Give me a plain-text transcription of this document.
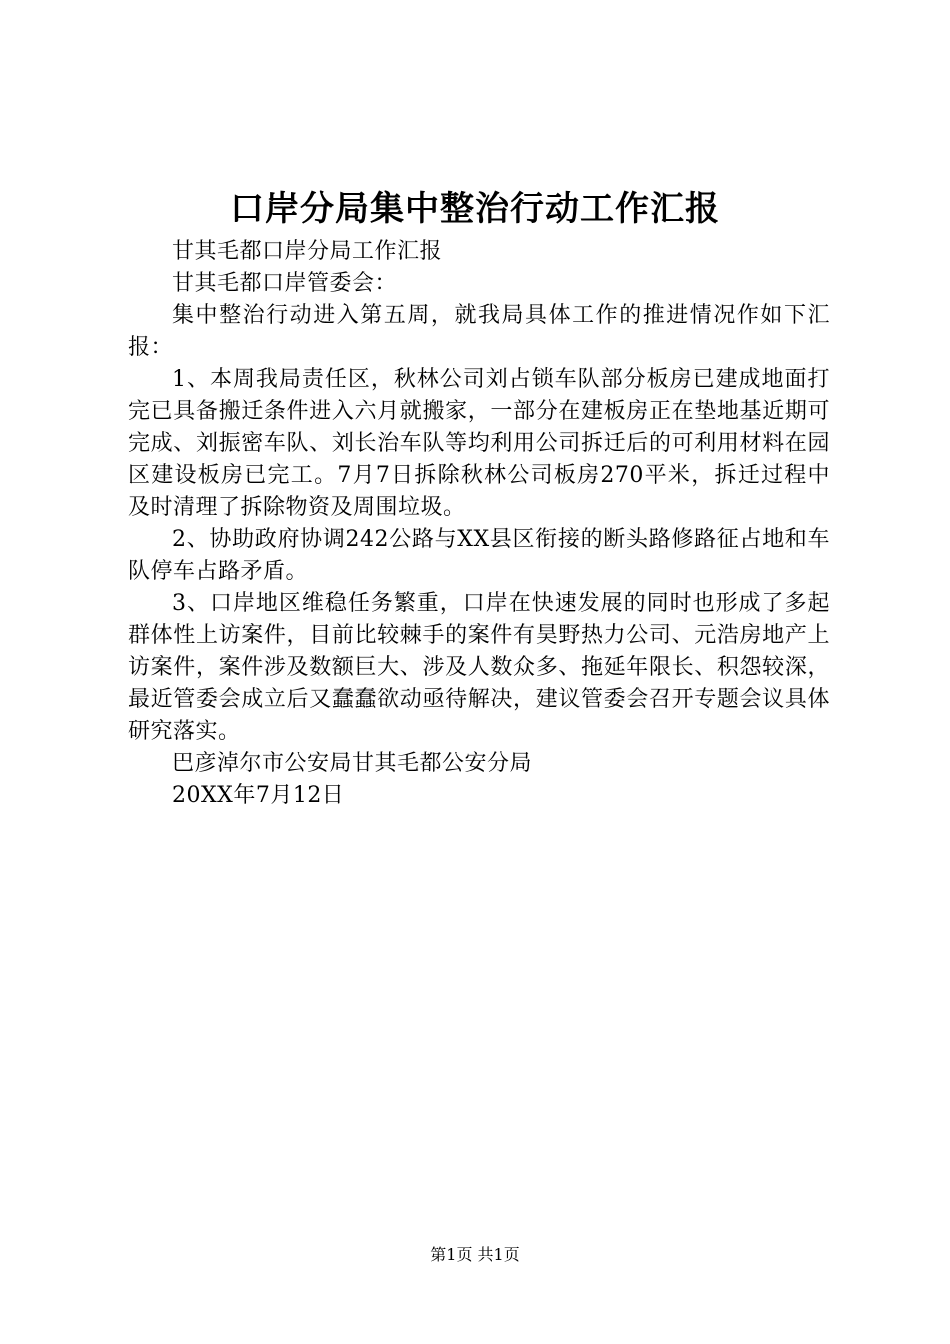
口岸分局集中整治行动工作汇报

甘其毛都口岸分局工作汇报

甘其毛都口岸管委会：

集中整治行动进入第五周，就我局具体工作的推进情况作如下汇报：

1、本周我局责任区，秋林公司刘占锁车队部分板房已建成地面打完已具备搬迁条件进入六月就搬家，一部分在建板房正在垫地基近期可完成、刘振密车队、刘长治车队等均利用公司拆迁后的可利用材料在园区建设板房已完工。7月7日拆除秋林公司板房270平米，拆迁过程中及时清理了拆除物资及周围垃圾。

2、协助政府协调242公路与XX县区衔接的断头路修路征占地和车队停车占路矛盾。

3、口岸地区维稳任务繁重，口岸在快速发展的同时也形成了多起群体性上访案件，目前比较棘手的案件有昊野热力公司、元浩房地产上访案件，案件涉及数额巨大、涉及人数众多、拖延年限长、积怨较深，最近管委会成立后又蠢蠢欲动亟待解决，建议管委会召开专题会议具体研究落实。

巴彦淖尔市公安局甘其毛都公安分局

20XX年7月12日

第1页 共1页
